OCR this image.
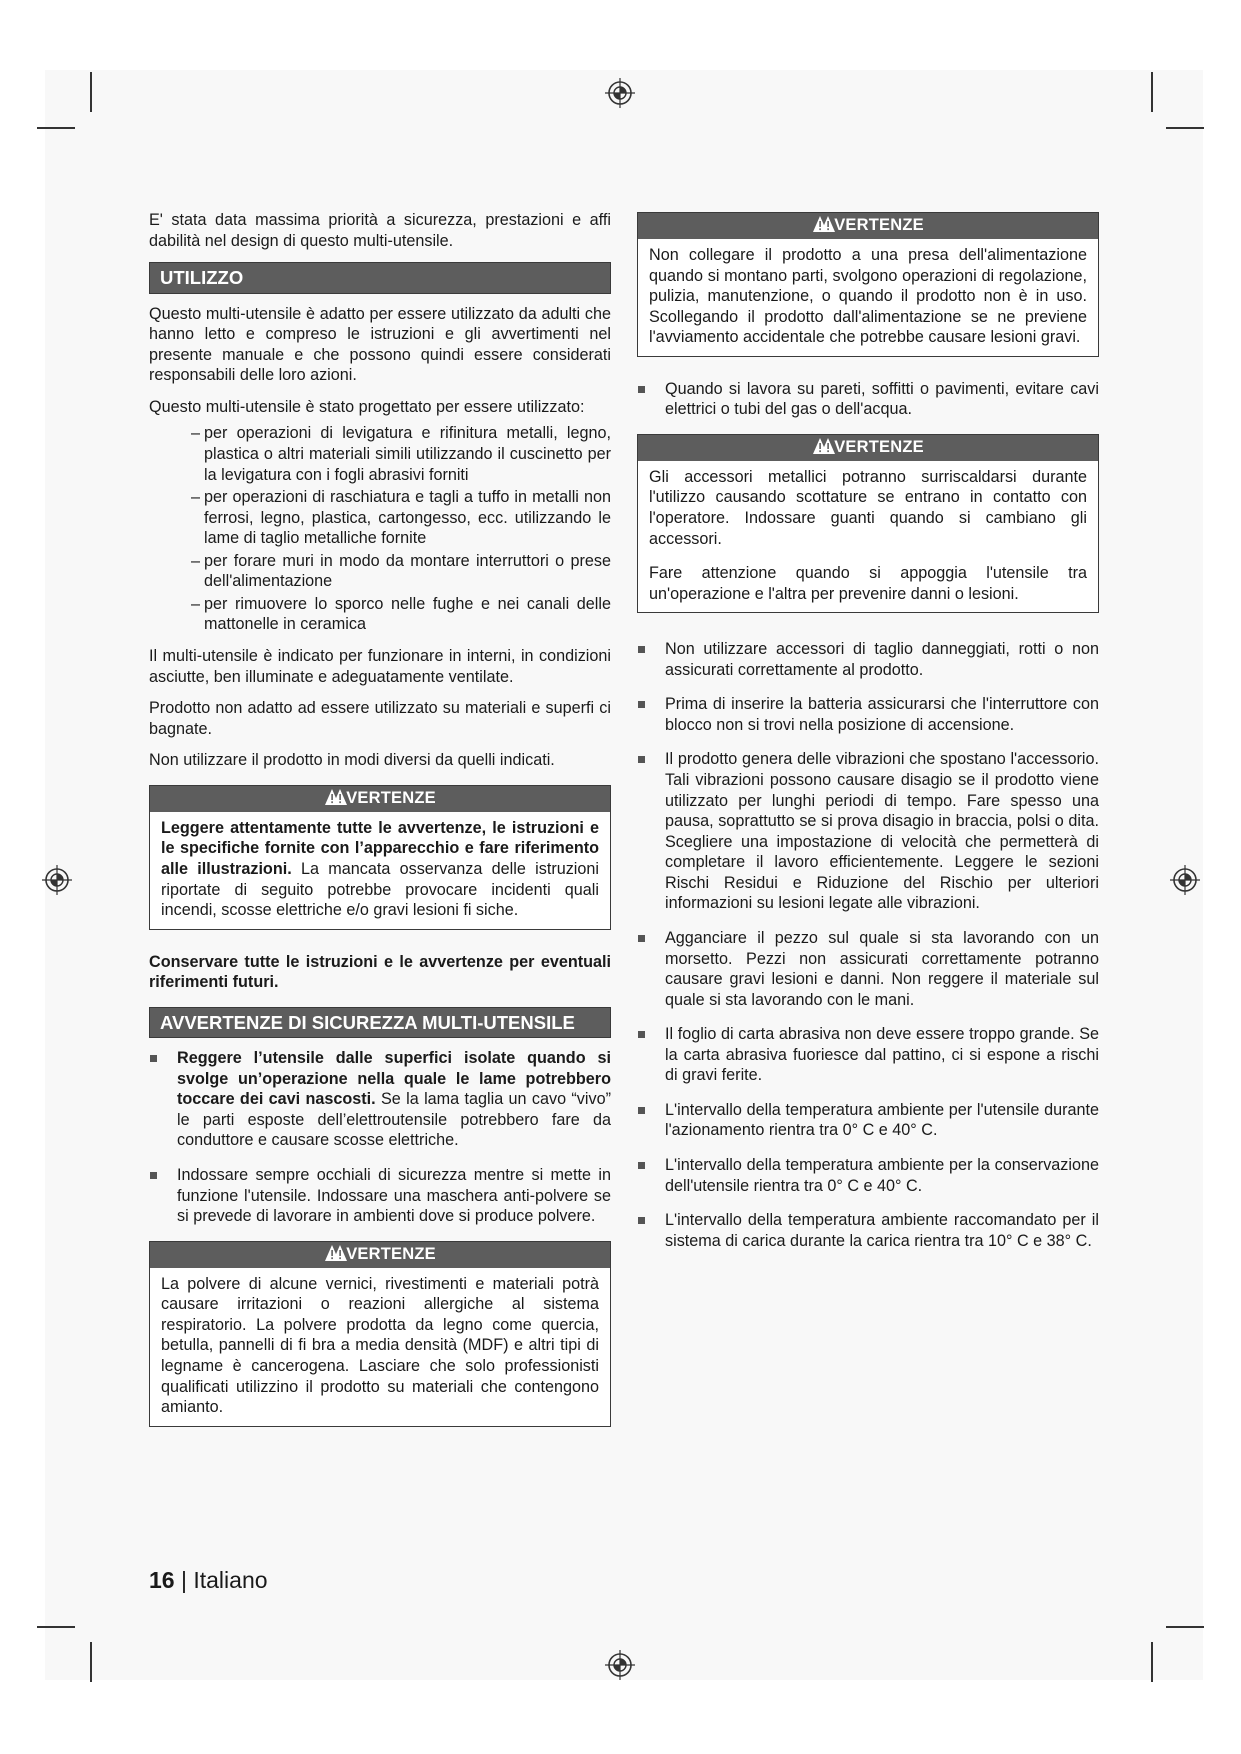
E' stata data massima priorità a sicurezza, prestazioni e affi dabilità nel design di questo multi-utensile.

UTILIZZO

Questo multi-utensile è adatto per essere utilizzato da adulti che hanno letto e compreso le istruzioni e gli avvertimenti nel presente manuale e che possono quindi essere considerati responsabili delle loro azioni.

Questo multi-utensile è stato progettato per essere utilizzato:

– per operazioni di levigatura e rifinitura metalli, legno, plastica o altri materiali simili utilizzando il cuscinetto per la levigatura con i fogli abrasivi forniti
– per operazioni di raschiatura e tagli a tuffo in metalli non ferrosi, legno, plastica, cartongesso, ecc. utilizzando le lame di taglio metalliche fornite
– per forare muri in modo da montare interruttori o prese dell'alimentazione
– per rimuovere lo sporco nelle fughe e nei canali delle mattonelle in ceramica

Il multi-utensile è indicato per funzionare in interni, in condizioni asciutte, ben illuminate e adeguatamente ventilate.

Prodotto non adatto ad essere utilizzato su materiali e superfi ci bagnate.

Non utilizzare il prodotto in modi diversi da quelli indicati.

VERTENZE

Leggere attentamente tutte le avvertenze, le istruzioni e le specifiche fornite con l’apparecchio e fare riferimento alle illustrazioni. La mancata osservanza delle istruzioni riportate di seguito potrebbe provocare incidenti quali incendi, scosse elettriche e/o gravi lesioni fi siche.

Conservare tutte le istruzioni e le avvertenze per eventuali riferimenti futuri.

AVVERTENZE DI SICUREZZA MULTI-UTENSILE
Reggere l’utensile dalle superfici isolate quando si svolge un’operazione nella quale le lame potrebbero toccare dei cavi nascosti. Se la lama taglia un cavo “vivo” le parti esposte dell’elettroutensile potrebbero fare da conduttore e causare scosse elettriche.
Indossare sempre occhiali di sicurezza mentre si mette in funzione l'utensile. Indossare una maschera anti-polvere se si prevede di lavorare in ambienti dove si produce polvere.
VERTENZE

La polvere di alcune vernici, rivestimenti e materiali potrà causare irritazioni o reazioni allergiche al sistema respiratorio. La polvere prodotta da legno come quercia, betulla, pannelli di fi bra a media densità (MDF) e altri tipi di legname è cancerogena. Lasciare che solo professionisti qualificati utilizzino il prodotto su materiali che contengono amianto.

VERTENZE

Non collegare il prodotto a una presa dell'alimentazione quando si montano parti, svolgono operazioni di regolazione, pulizia, manutenzione, o quando il prodotto non è in uso. Scollegando il prodotto dall'alimentazione se ne previene l'avviamento accidentale che potrebbe causare lesioni gravi.

Quando si lavora su pareti, soffitti o pavimenti, evitare cavi elettrici o tubi del gas o dell'acqua.
VERTENZE

Gli accessori metallici potranno surriscaldarsi durante l'utilizzo causando scottature se entrano in contatto con l'operatore. Indossare guanti quando si cambiano gli accessori.

Fare attenzione quando si appoggia l'utensile tra un'operazione e l'altra per prevenire danni o lesioni.

Non utilizzare accessori di taglio danneggiati, rotti o non assicurati correttamente al prodotto.
Prima di inserire la batteria assicurarsi che l'interruttore con blocco non si trovi nella posizione di accensione.
Il prodotto genera delle vibrazioni che spostano l'accessorio. Tali vibrazioni possono causare disagio se il prodotto viene utilizzato per lunghi periodi di tempo. Fare spesso una pausa, soprattutto se si prova disagio in braccia, polsi o dita. Scegliere una impostazione di velocità che permetterà di completare il lavoro efficientemente. Leggere le sezioni Rischi Residui e Riduzione del Rischio per ulteriori informazioni su lesioni legate alle vibrazioni.
Agganciare il pezzo sul quale si sta lavorando con un morsetto. Pezzi non assicurati correttamente potranno causare gravi lesioni e danni. Non reggere il materiale sul quale si sta lavorando con le mani.
Il foglio di carta abrasiva non deve essere troppo grande. Se la carta abrasiva fuoriesce dal pattino, ci si espone a rischi di gravi ferite.
L'intervallo della temperatura ambiente per l'utensile durante l'azionamento rientra tra 0° C e 40° C.
L'intervallo della temperatura ambiente per la conservazione dell'utensile rientra tra 0° C e 40° C.
L'intervallo della temperatura ambiente raccomandato per il sistema di carica durante la carica rientra tra 10° C e 38° C.
16 | Italiano
